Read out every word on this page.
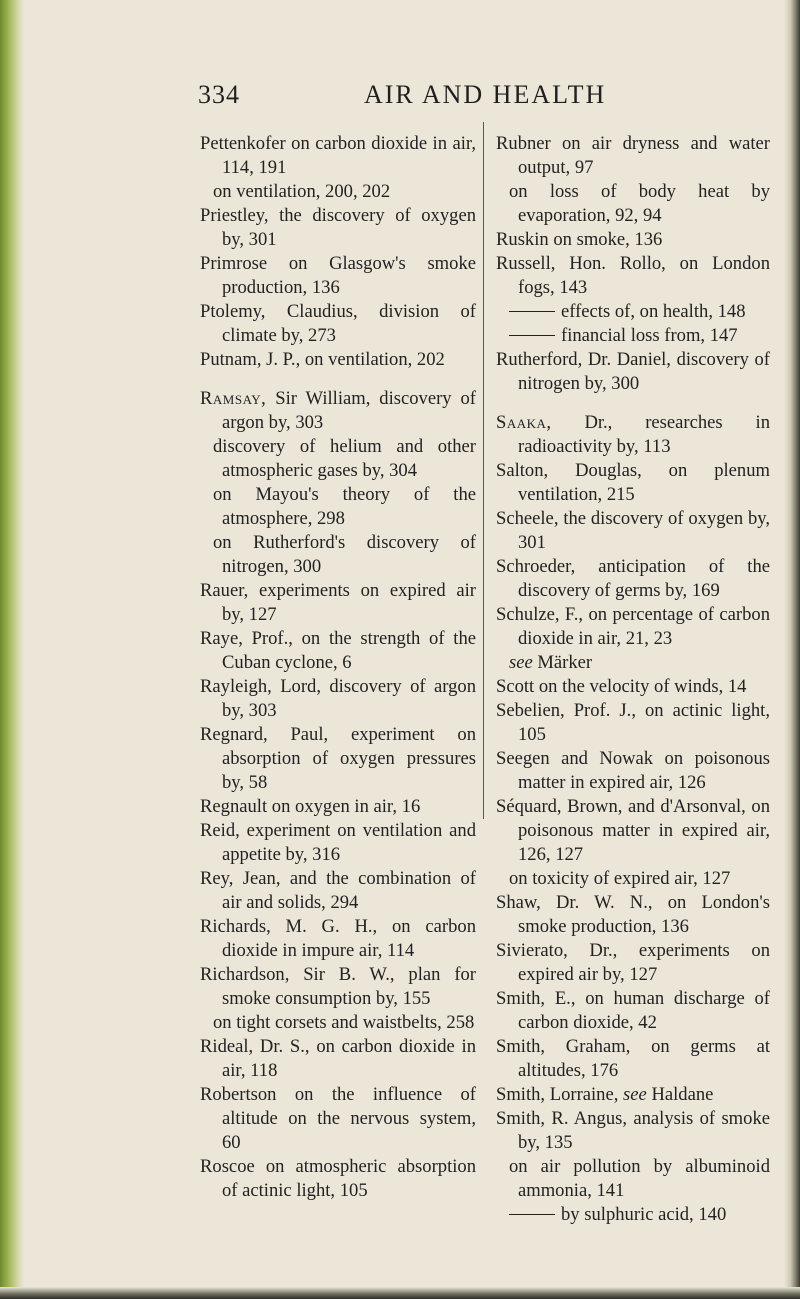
334	AIR AND HEALTH
Pettenkofer on carbon dioxide in air, 114, 191
on ventilation, 200, 202
Priestley, the discovery of oxygen by, 301
Primrose on Glasgow's smoke production, 136
Ptolemy, Claudius, division of climate by, 273
Putnam, J. P., on ventilation, 202
Ramsay, Sir William, discovery of argon by, 303
discovery of helium and other atmospheric gases by, 304
on Mayou's theory of the atmosphere, 298
on Rutherford's discovery of nitrogen, 300
Rauer, experiments on expired air by, 127
Raye, Prof., on the strength of the Cuban cyclone, 6
Rayleigh, Lord, discovery of argon by, 303
Regnard, Paul, experiment on absorption of oxygen pressures by, 58
Regnault on oxygen in air, 16
Reid, experiment on ventilation and appetite by, 316
Rey, Jean, and the combination of air and solids, 294
Richards, M. G. H., on carbon dioxide in impure air, 114
Richardson, Sir B. W., plan for smoke consumption by, 155
on tight corsets and waistbelts, 258
Rideal, Dr. S., on carbon dioxide in air, 118
Robertson on the influence of altitude on the nervous system, 60
Roscoe on atmospheric absorption of actinic light, 105
Rubner on air dryness and water output, 97
on loss of body heat by evaporation, 92, 94
Ruskin on smoke, 136
Russell, Hon. Rollo, on London fogs, 143
effects of, on health, 148
financial loss from, 147
Rutherford, Dr. Daniel, discovery of nitrogen by, 300
Saaka, Dr., researches in radioactivity by, 113
Salton, Douglas, on plenum ventilation, 215
Scheele, the discovery of oxygen by, 301
Schroeder, anticipation of the discovery of germs by, 169
Schulze, F., on percentage of carbon dioxide in air, 21, 23
see Märker
Scott on the velocity of winds, 14
Sebelien, Prof. J., on actinic light, 105
Seegen and Nowak on poisonous matter in expired air, 126
Séquard, Brown, and d'Arsonval, on poisonous matter in expired air, 126, 127
on toxicity of expired air, 127
Shaw, Dr. W. N., on London's smoke production, 136
Sivierato, Dr., experiments on expired air by, 127
Smith, E., on human discharge of carbon dioxide, 42
Smith, Graham, on germs at altitudes, 176
Smith, Lorraine, see Haldane
Smith, R. Angus, analysis of smoke by, 135
on air pollution by albuminoid ammonia, 141
by sulphuric acid, 140
